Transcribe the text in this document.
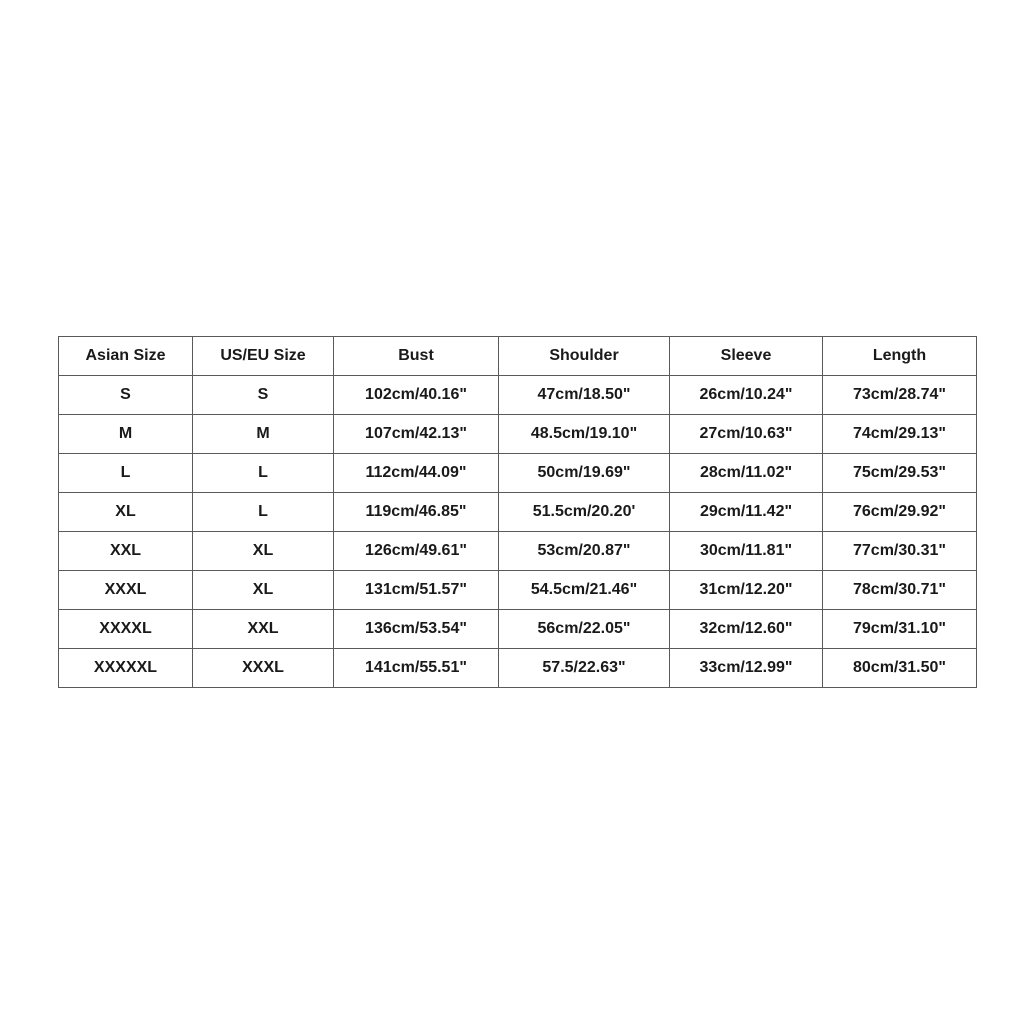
Asian Size	US/EU Size	Bust	Shoulder	Sleeve	Length
S	S	102cm/40.16"	47cm/18.50"	26cm/10.24"	73cm/28.74"
M	M	107cm/42.13"	48.5cm/19.10"	27cm/10.63"	74cm/29.13"
L	L	112cm/44.09"	50cm/19.69"	28cm/11.02"	75cm/29.53"
XL	L	119cm/46.85"	51.5cm/20.20'	29cm/11.42"	76cm/29.92"
XXL	XL	126cm/49.61"	53cm/20.87"	30cm/11.81"	77cm/30.31"
XXXL	XL	131cm/51.57"	54.5cm/21.46"	31cm/12.20"	78cm/30.71"
XXXXL	XXL	136cm/53.54"	56cm/22.05"	32cm/12.60"	79cm/31.10"
XXXXXL	XXXL	141cm/55.51"	57.5/22.63"	33cm/12.99"	80cm/31.50"
